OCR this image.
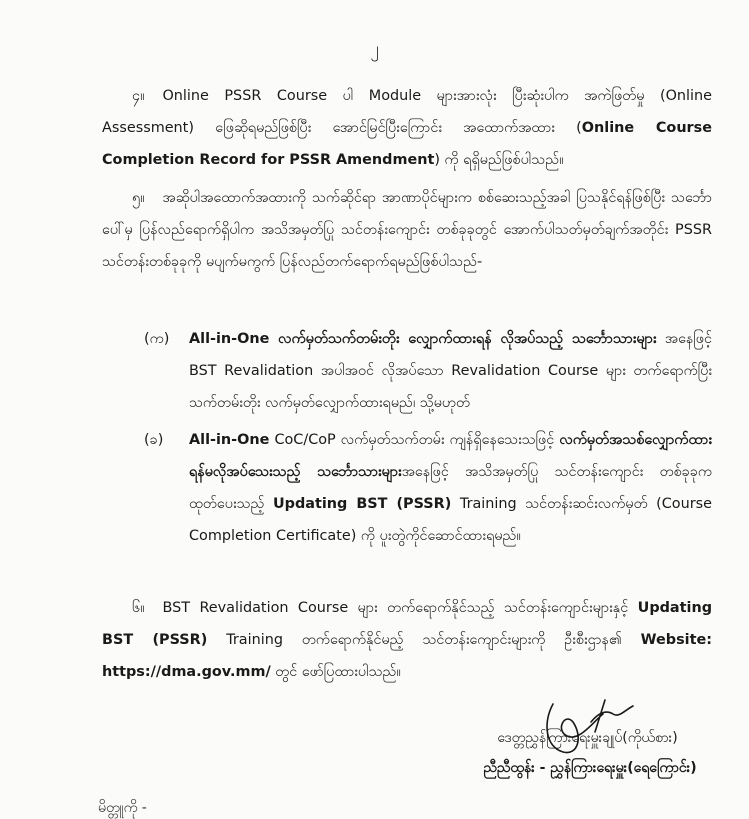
၂
၄။ Online PSSR Course ပါ Module များအားလုံး ပြီးဆုံးပါက အကဲဖြတ်မှု (Online Assessment) ဖြေဆိုရမည်ဖြစ်ပြီး အောင်မြင်ပြီးကြောင်း အထောက်အထား (Online Course Completion Record for PSSR Amendment) ကို ရရှိမည်ဖြစ်ပါသည်။
၅။ အဆိုပါအထောက်အထားကို သက်ဆိုင်ရာ အာဏာပိုင်များက စစ်ဆေးသည့်အခါ ပြသနိုင်ရန်ဖြစ်ပြီး သင်္ဘောပေါ်မှ ပြန်လည်ရောက်ရှိပါက အသိအမှတ်ပြု သင်တန်းကျောင်း တစ်ခုခုတွင် အောက်ပါသတ်မှတ်ချက်အတိုင်း PSSR သင်တန်းတစ်ခုခုကို မပျက်မကွက် ပြန်လည်တက်ရောက်ရမည်ဖြစ်ပါသည်-
(က) All-in-One လက်မှတ်သက်တမ်းတိုး လျှောက်ထားရန် လိုအပ်သည့် သင်္ဘောသားများ အနေဖြင့် BST Revalidation အပါအဝင် လိုအပ်သော Revalidation Course များ တက်ရောက်ပြီး သက်တမ်းတိုး လက်မှတ်လျှောက်ထားရမည်၊ သို့မဟုတ်
(ခ) All-in-One CoC/CoP လက်မှတ်သက်တမ်း ကျန်ရှိနေသေးသဖြင့် လက်မှတ်အသစ်လျှောက်ထားရန်မလိုအပ်သေးသည့် သင်္ဘောသားများအနေဖြင့် အသိအမှတ်ပြု သင်တန်းကျောင်း တစ်ခုခုက ထုတ်ပေးသည့် Updating BST (PSSR) Training သင်တန်းဆင်းလက်မှတ် (Course Completion Certificate) ကို ပူးတွဲကိုင်ဆောင်ထားရမည်။
၆။ BST Revalidation Course များ တက်ရောက်နိုင်သည့် သင်တန်းကျောင်းများနှင့် Updating BST (PSSR) Training တက်ရောက်နိုင်မည့် သင်တန်းကျောင်းများကို ဦးစီးဌာန၏ Website: https://dma.gov.mm/ တွင် ဖော်ပြထားပါသည်။
ဒေတ္တညွှန်ကြားရေးမှူးချုပ်(ကိုယ်စား)
ညီညီထွန်း - ညွှန်ကြားရေးမှူး(ရေကြောင်း)
မိတ္တူကို -
